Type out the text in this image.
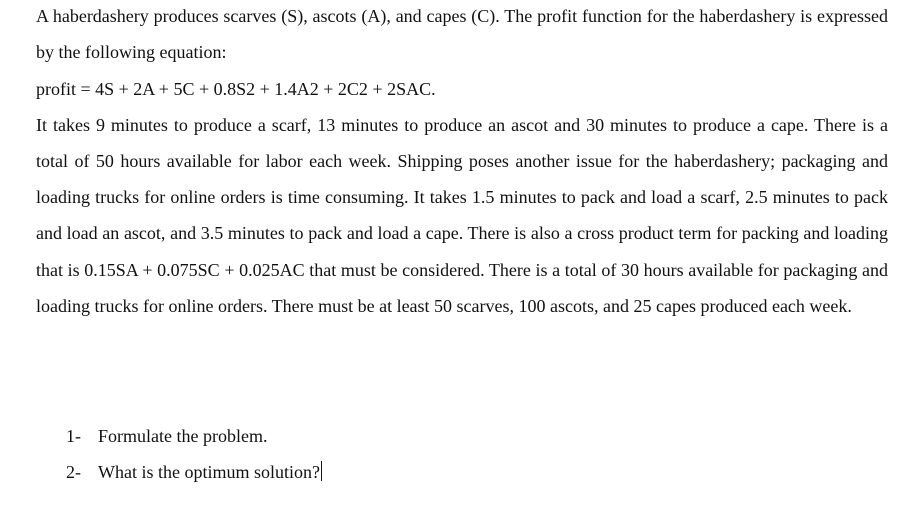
A haberdashery produces scarves (S), ascots (A), and capes (C). The profit function for the haberdashery is expressed by the following equation:

profit = 4S + 2A + 5C + 0.8S2 + 1.4A2 + 2C2 + 2SAC.

It takes 9 minutes to produce a scarf, 13 minutes to produce an ascot and 30 minutes to produce a cape. There is a total of 50 hours available for labor each week. Shipping poses another issue for the haberdashery; packaging and loading trucks for online orders is time consuming. It takes 1.5 minutes to pack and load a scarf, 2.5 minutes to pack and load an ascot, and 3.5 minutes to pack and load a cape. There is also a cross product term for packing and loading that is 0.15SA + 0.075SC + 0.025AC that must be considered. There is a total of 30 hours available for packaging and loading trucks for online orders. There must be at least 50 scarves, 100 ascots, and 25 capes produced each week.

1- Formulate the problem.
2- What is the optimum solution?
